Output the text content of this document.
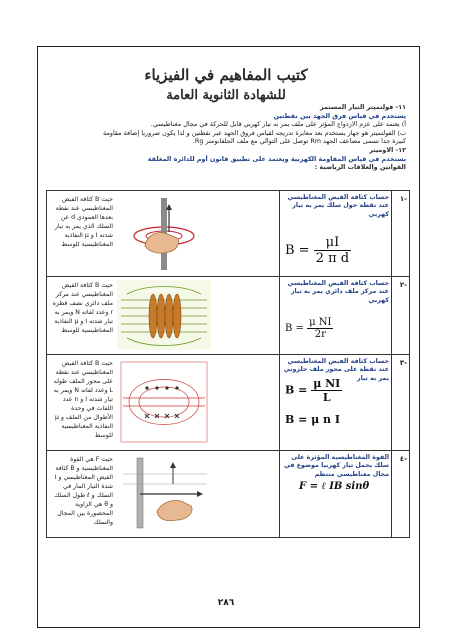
كتيب المفاهيم في الفيزياء
للشهادة الثانوية العامة
١١- فولتميتر التيار المستمر
يستخدم في قياس فرق الجهد بين نقطتين
أ) يعتمد على عزم الازدواج المؤثر على ملف يمر به تيار كهربي قابل للحركة في مجال مغناطيسي.
ب) الفولتميتر هو جهاز يستخدم بعد معايرة تدريجه لقياس فروق الجهد عبر نقطتين و لذا يكون ضروريا إضافة مقاومة
كبيرة جدا تسمى مضاعف الجهد Rm توصل على التوالي مع ملف الجلفانومتر Rg.
١٢- الاوميتر
يستخدم في قياس المقاومة الكهربية ويعتمد على تطبيق قانون أوم للدائرة المغلقة
القوانين والعلاقات الرياضية :
-١
حساب كثافة الفيض المغناطيسي عند نقطة حول سلك يمر به تيار كهربي
$B = \frac{\mu I}{\text{2 π d}}$
حيث B كثافة الفيض المغناطيسي عند نقطة بعدها العمودي d عن السلك الذي يمر به تيار شدته I و μ النفاذية المغناطيسية للوسط
-٢
حساب كثافة الفيض المغناطيسي عند مركز ملف دائري يمر به تيار كهربي
$B = \frac{\text{μ NI}}{2r}$
حيث B كثافة الفيض المغناطيسي عند مركز ملف دائري نصف قطره r وعدد لفاته N ويمر به تيار شدته I و μ النفاذية المغناطيسية للوسط
-٣
حساب كثافة الفيض المغناطيسي عند نقطة على محور ملف حلزوني يمر به تيار
$B = \frac{\text{μ NI}}{L}$
B = μ n I
حيث B كثافة الفيض المغناطيسي عند نقطة على محور الملف طوله L وعدد لفاته N ويمر به تيار شدته I و n عدد اللفات في وحدة الأطوال من الملف و μ النفاذية المغناطيسية للوسط
-٤
القوة المغناطيسية المؤثرة على سلك يحمل تيار كهربيا موضوع في مجال مغناطيسي منتظم
F = ℓ IB sinθ
حيث F هي القوة المغناطيسية و B كثافة الفيض المغناطيسي و I شدة التيار المار في السلك و ℓ طول السلك و θ هي الزاوية المحصورة بين المجال والسلك
٢٨٦
